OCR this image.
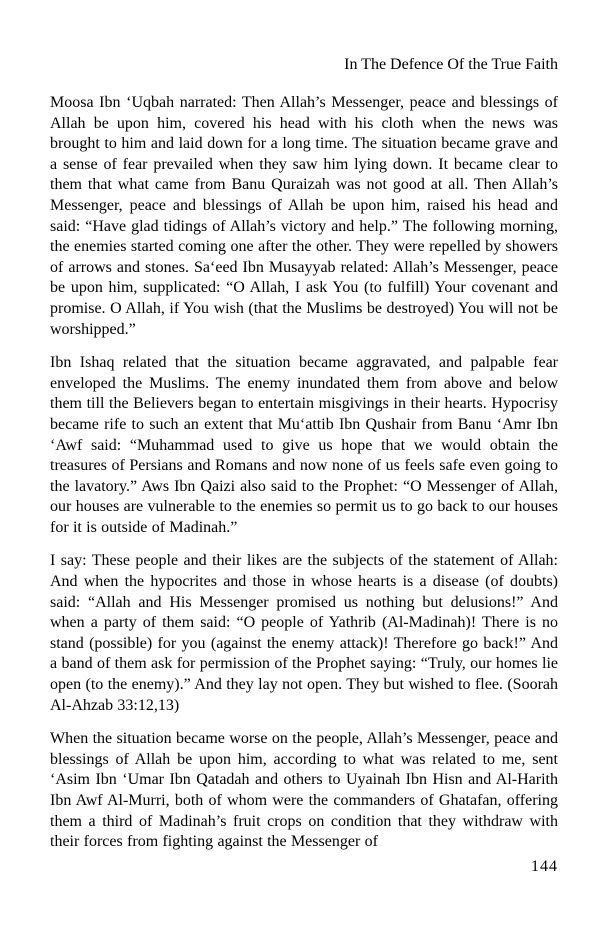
In The Defence Of the True Faith

Moosa Ibn ‘Uqbah narrated: Then Allah’s Messenger, peace and blessings of Allah be upon him, covered his head with his cloth when the news was brought to him and laid down for a long time. The situation became grave and a sense of fear prevailed when they saw him lying down. It became clear to them that what came from Banu Quraizah was not good at all. Then Allah’s Messenger, peace and blessings of Allah be upon him, raised his head and said: “Have glad tidings of Allah’s victory and help.” The following morning, the enemies started coming one after the other. They were repelled by showers of arrows and stones. Sa‘eed Ibn Musayyab related: Allah’s Messenger, peace be upon him, supplicated: “O Allah, I ask You (to fulfill) Your covenant and promise. O Allah, if You wish (that the Muslims be destroyed) You will not be worshipped.”

Ibn Ishaq related that the situation became aggravated, and palpable fear enveloped the Muslims. The enemy inundated them from above and below them till the Believers began to entertain misgivings in their hearts. Hypocrisy became rife to such an extent that Mu‘attib Ibn Qushair from Banu ‘Amr Ibn ‘Awf said: “Muhammad used to give us hope that we would obtain the treasures of Persians and Romans and now none of us feels safe even going to the lavatory.” Aws Ibn Qaizi also said to the Prophet: “O Messenger of Allah, our houses are vulnerable to the enemies so permit us to go back to our houses for it is outside of Madinah.”

I say: These people and their likes are the subjects of the statement of Allah: And when the hypocrites and those in whose hearts is a disease (of doubts) said: “Allah and His Messenger promised us nothing but delusions!” And when a party of them said: “O people of Yathrib (Al-Madinah)! There is no stand (possible) for you (against the enemy attack)! Therefore go back!” And a band of them ask for permission of the Prophet saying: “Truly, our homes lie open (to the enemy).” And they lay not open. They but wished to flee. (Soorah Al-Ahzab 33:12,13)

When the situation became worse on the people, Allah’s Messenger, peace and blessings of Allah be upon him, according to what was related to me, sent ‘Asim Ibn ‘Umar Ibn Qatadah and others to Uyainah Ibn Hisn and Al-Harith Ibn Awf Al-Murri, both of whom were the commanders of Ghatafan, offering them a third of Madinah’s fruit crops on condition that they withdraw with their forces from fighting against the Messenger of

144
